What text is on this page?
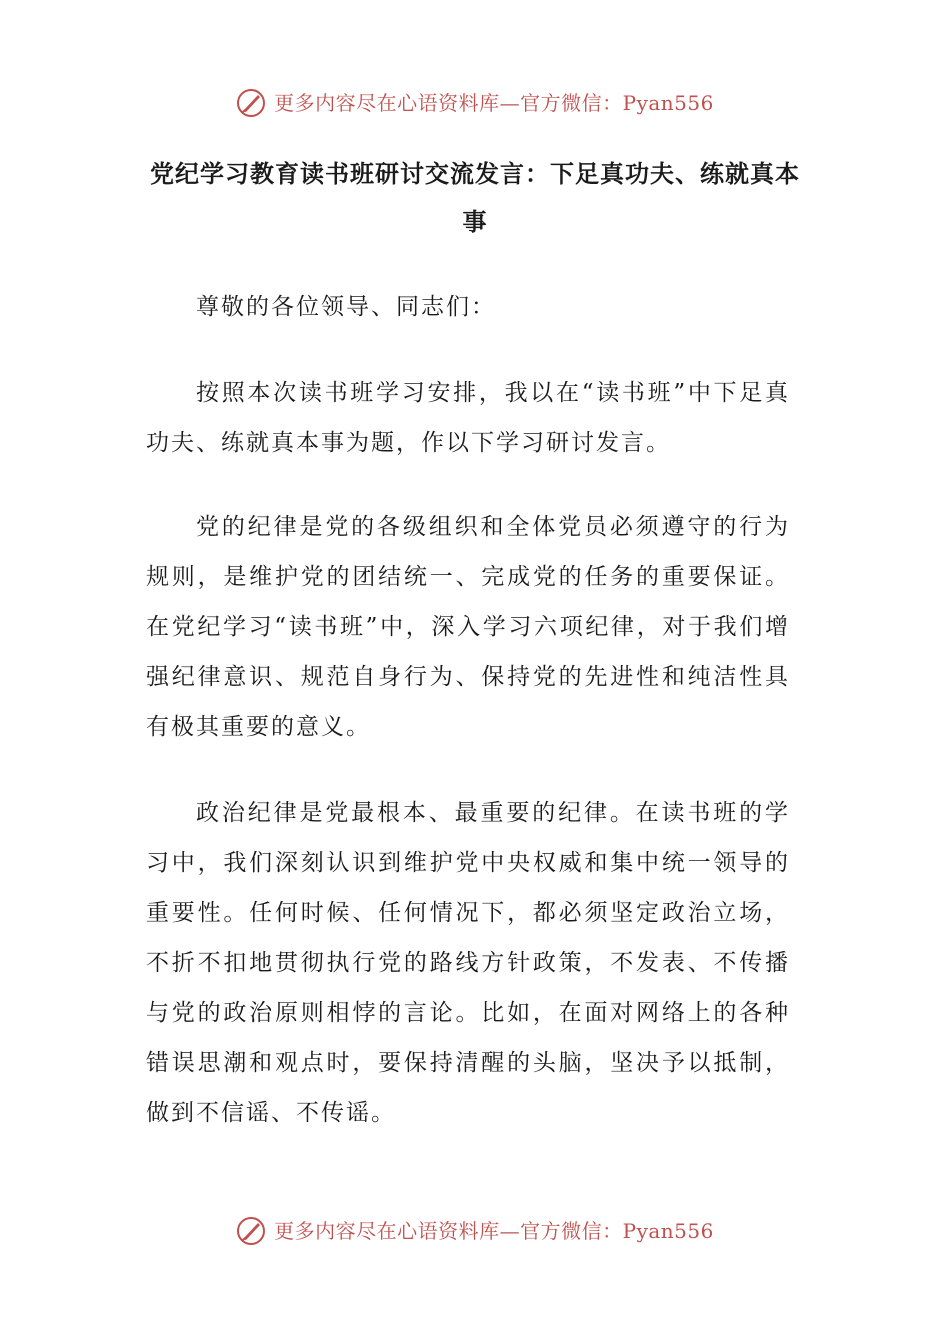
更多内容尽在心语资料库—官方微信：Pyan556
党纪学习教育读书班研讨交流发言：下足真功夫、练就真本事

尊敬的各位领导、同志们：

按照本次读书班学习安排，我以在“读书班”中下足真功夫、练就真本事为题，作以下学习研讨发言。

党的纪律是党的各级组织和全体党员必须遵守的行为规则，是维护党的团结统一、完成党的任务的重要保证。在党纪学习“读书班”中，深入学习六项纪律，对于我们增强纪律意识、规范自身行为、保持党的先进性和纯洁性具有极其重要的意义。

政治纪律是党最根本、最重要的纪律。在读书班的学习中，我们深刻认识到维护党中央权威和集中统一领导的重要性。任何时候、任何情况下，都必须坚定政治立场，不折不扣地贯彻执行党的路线方针政策，不发表、不传播与党的政治原则相悖的言论。比如，在面对网络上的各种错误思潮和观点时，要保持清醒的头脑，坚决予以抵制，做到不信谣、不传谣。

更多内容尽在心语资料库—官方微信：Pyan556
